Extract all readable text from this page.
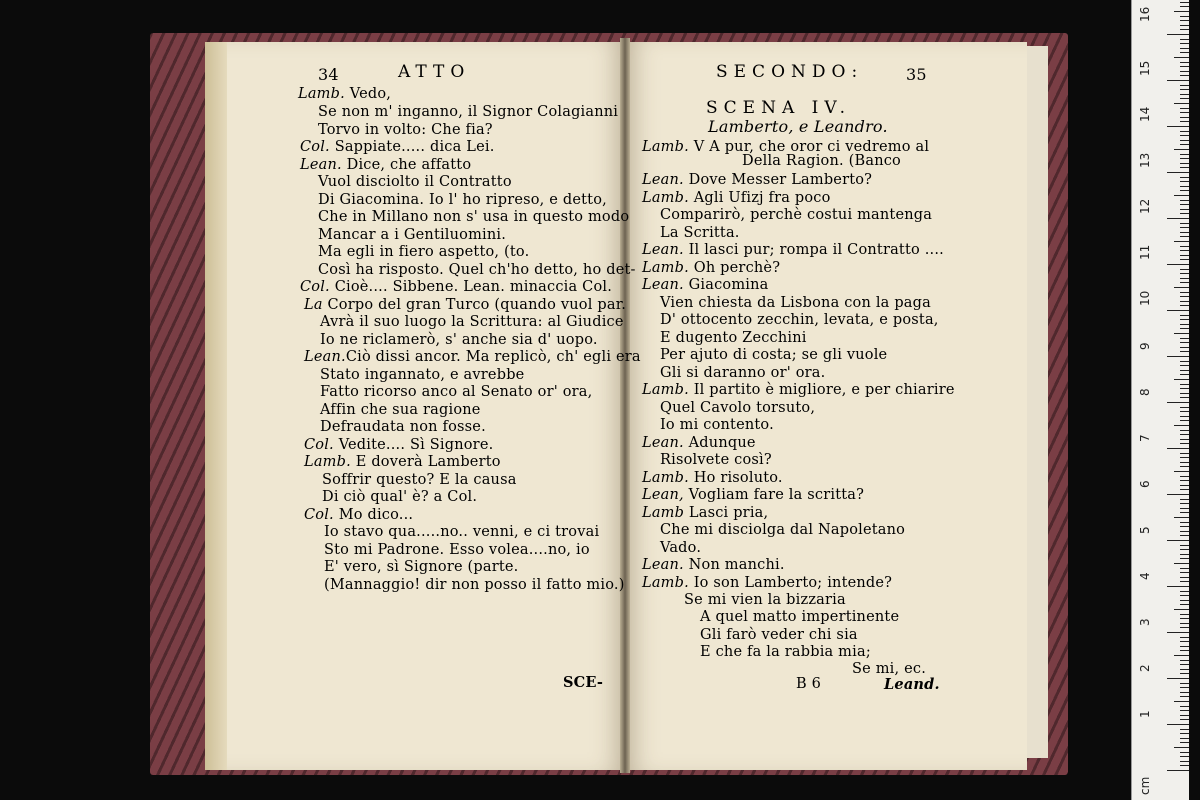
34	ATTO
Lamb. Vedo,
Se non m' inganno, il Signor Colagianni
Torvo in volto: Che fia?
Col. Sappiate..... dica Lei.
Lean. Dice, che affatto
Vuol disciolto il Contratto
Di Giacomina. Io l' ho ripreso, e detto,
Che in Millano non s' usa in questo modo
Mancar a i Gentiluomini.
Ma egli in fiero aspetto, (to.
Così ha risposto. Quel ch'ho detto, ho det-
Col. Cioè.... Sibbene. Lean. minaccia Col.
La Corpo del gran Turco (quando vuol par.
Avrà il suo luogo la Scrittura: al Giudice
Io ne riclamerò, s' anche sia d' uopo.
Lean.Ciò dissi ancor. Ma replicò, ch' egli era
Stato ingannato, e avrebbe
Fatto ricorso anco al Senato or' ora,
Affin che sua ragione
Defraudata non fosse.
Col. Vedite.... Sì Signore.
Lamb. E doverà Lamberto
Soffrir questo? E la causa
Di ciò qual' è? a Col.
Col. Mo dico...
Io stavo qua.....no.. venni, e ci trovai
Sto mi Padrone. Esso volea....no, io
E' vero, sì Signore (parte.
(Mannaggio! dir non posso il fatto mio.)
SCE-
SECONDO:	35
SCENA IV.
Lamberto, e Leandro.
Lamb. V A pur, che oror ci vedremo al
Della Ragion. (Banco
Lean. Dove Messer Lamberto?
Lamb. Agli Ufizj fra poco
Comparirò, perchè costui mantenga
La Scritta.
Lean. Il lasci pur; rompa il Contratto ....
Lamb. Oh perchè?
Lean. Giacomina
Vien chiesta da Lisbona con la paga
D' ottocento zecchin, levata, e posta,
E dugento Zecchini
Per ajuto di costa; se gli vuole
Gli si daranno or' ora.
Lamb. Il partito è migliore, e per chiarire
Quel Cavolo torsuto,
Io mi contento.
Lean. Adunque
Risolvete così?
Lamb. Ho risoluto.
Lean, Vogliam fare la scritta?
Lamb Lasci pria,
Che mi disciolga dal Napoletano
Vado.
Lean. Non manchi.
Lamb. Io son Lamberto; intende?
Se mi vien la bizzaria
A quel matto impertinente
Gli farò veder chi sia
E che fa la rabbia mia;
Se mi, ec.
B 6	Leand.
cm
1
2
3
4
5
6
7
8
9
10
11
12
13
14
15
16
